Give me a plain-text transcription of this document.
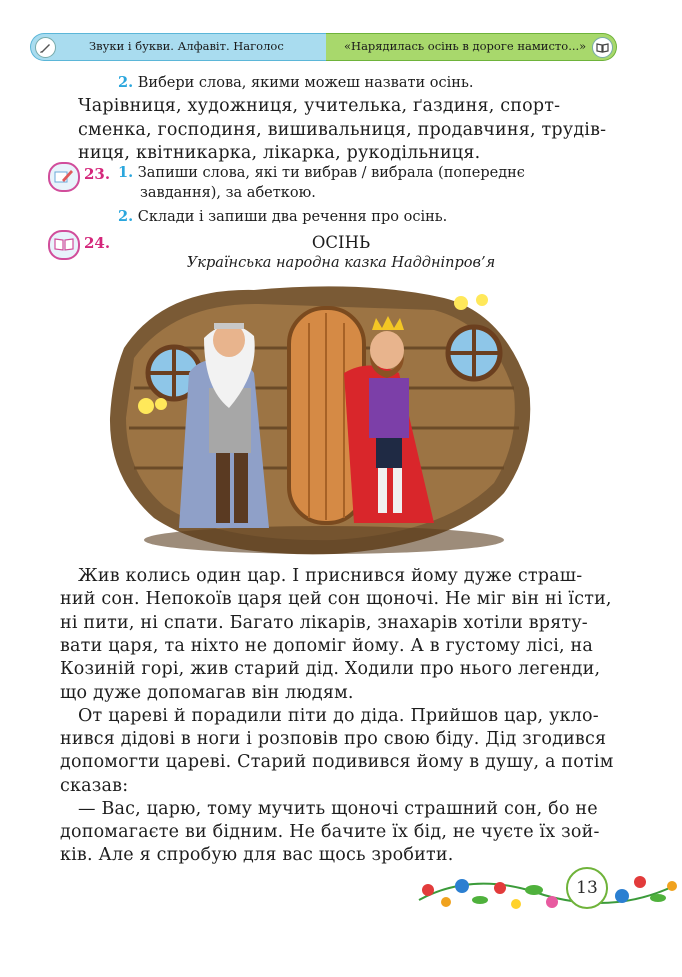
Звуки і букви. Алфавіт. Наголос	«Нарядилась осінь в дороге намисто...»
2. Вибери слова, якими можеш назвати осінь.
Чарівниця, художниця, учителька, ґаздиня, спорт-
сменка, господиня, вишивальниця, продавчиня, трудів-
ниця, квітникарка, лікарка, рукодільниця.
23. 1. Запиши слова, які ти вибрав / вибрала (попереднє
завдання), за абеткою.
2. Склади і запиши два речення про осінь.
24.	ОСІНЬ
Українська народна казка Наддніпров’я
Жив колись один цар. І приснився йому дуже страш-
ний сон. Непокоїв царя цей сон щоночі. Не міг він ні їсти,
ні пити, ні спати. Багато лікарів, знахарів хотіли вряту-
вати царя, та ніхто не допоміг йому. А в густому лісі, на
Козиній горі, жив старий дід. Ходили про нього легенди,
що дуже допомагав він людям.
От цареві й порадили піти до діда. Прийшов цар, укло-
нився дідові в ноги і розповів про свою біду. Дід згодився
допомогти цареві. Старий подивився йому в душу, а потім
сказав:
— Вас, царю, тому мучить щоночі страшний сон, бо не
допомагаєте ви бідним. Не бачите їх бід, не чуєте їх зой-
ків. Але я спробую для вас щось зробити.
13
